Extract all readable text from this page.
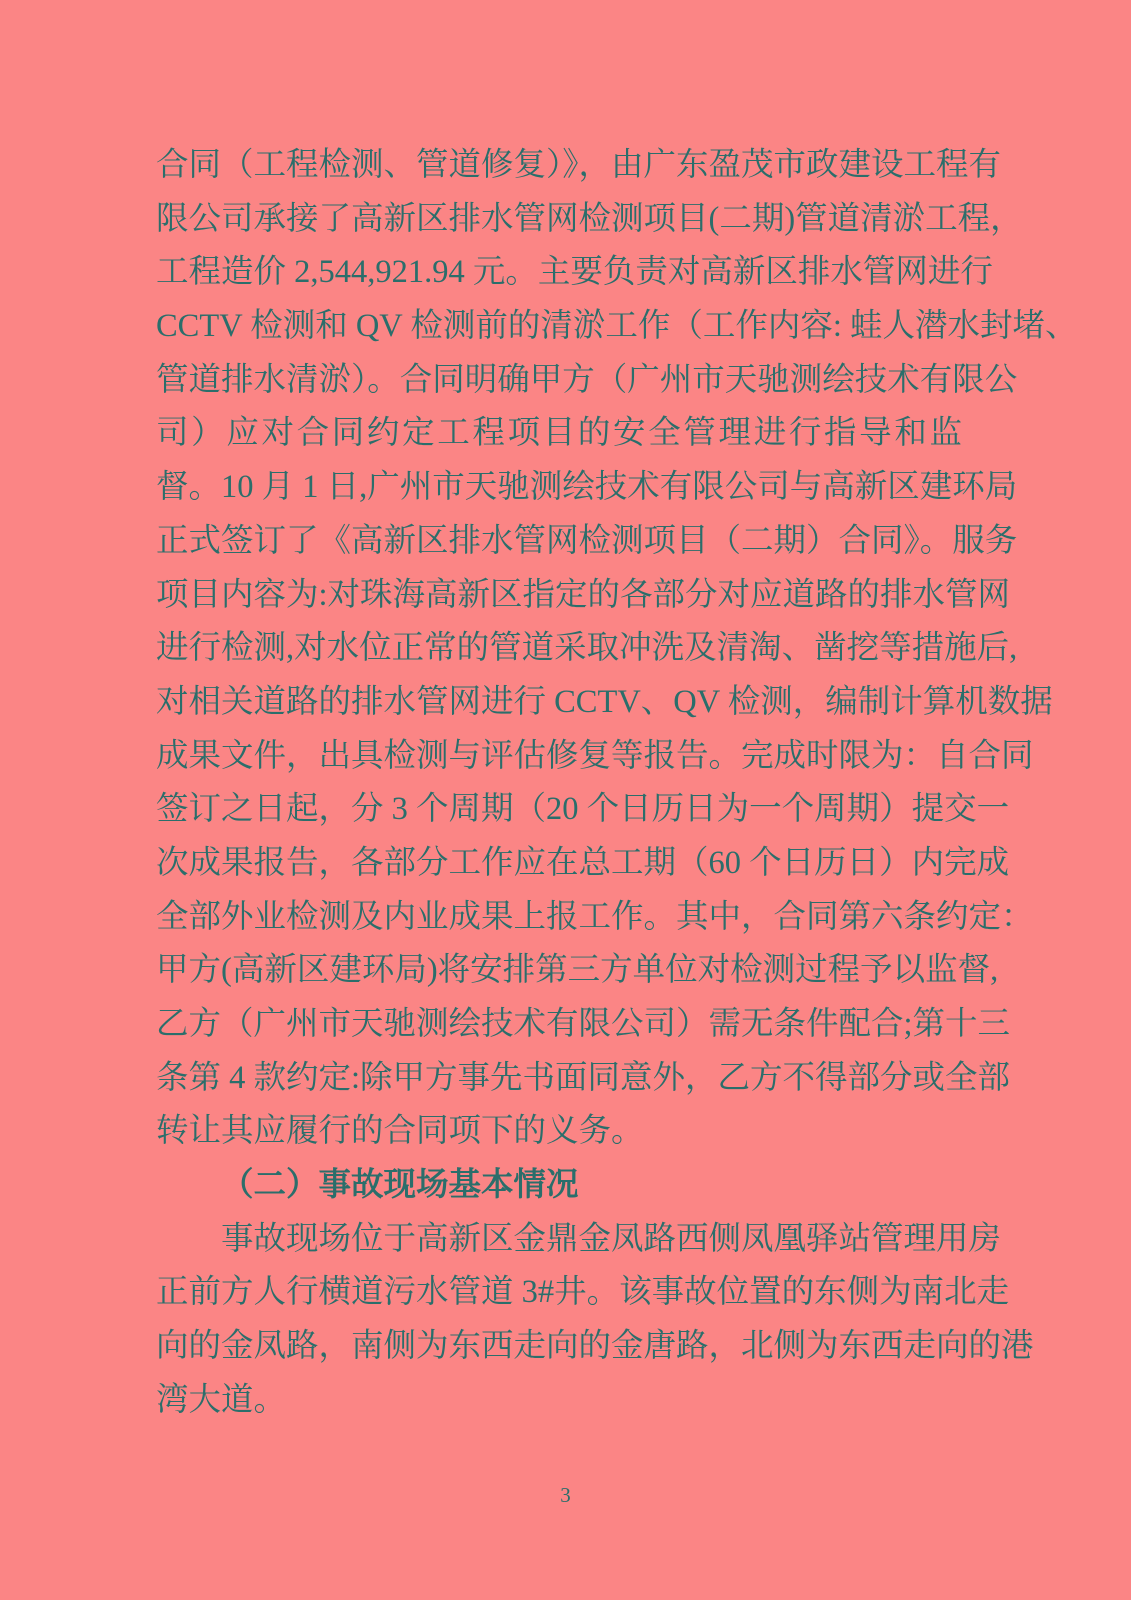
合同（工程检测、管道修复）》，由广东盈茂市政建设工程有
限公司承接了高新区排水管网检测项目(二期)管道清淤工程，
工程造价 2,544,921.94 元。主要负责对高新区排水管网进行
CCTV 检测和 QV 检测前的清淤工作（工作内容: 蛙人潜水封堵、
管道排水清淤）。合同明确甲方（广州市天驰测绘技术有限公
司）应对合同约定工程项目的安全管理进行指导和监督。 10 月 1 日,广州市天驰测绘技术有限公司与高新区建环局
正式签订了《高新区排水管网检测项目（二期）合同》。服务
项目内容为:对珠海高新区指定的各部分对应道路的排水管网
进行检测,对水位正常的管道采取冲洗及清淘、凿挖等措施后,
对相关道路的排水管网进行 CCTV、QV 检测，编制计算机数据
成果文件，出具检测与评估修复等报告。完成时限为：自合同
签订之日起，分 3 个周期（20 个日历日为一个周期）提交一
次成果报告，各部分工作应在总工期（60 个日历日）内完成
全部外业检测及内业成果上报工作。其中，合同第六条约定：
甲方(高新区建环局)将安排第三方单位对检测过程予以监督,
乙方（广州市天驰测绘技术有限公司）需无条件配合;第十三
条第 4 款约定:除甲方事先书面同意外，乙方不得部分或全部
转让其应履行的合同项下的义务。
（二）事故现场基本情况
事故现场位于高新区金鼎金凤路西侧凤凰驿站管理用房
正前方人行横道污水管道 3#井。该事故位置的东侧为南北走
向的金凤路，南侧为东西走向的金唐路，北侧为东西走向的港
湾大道。
3
